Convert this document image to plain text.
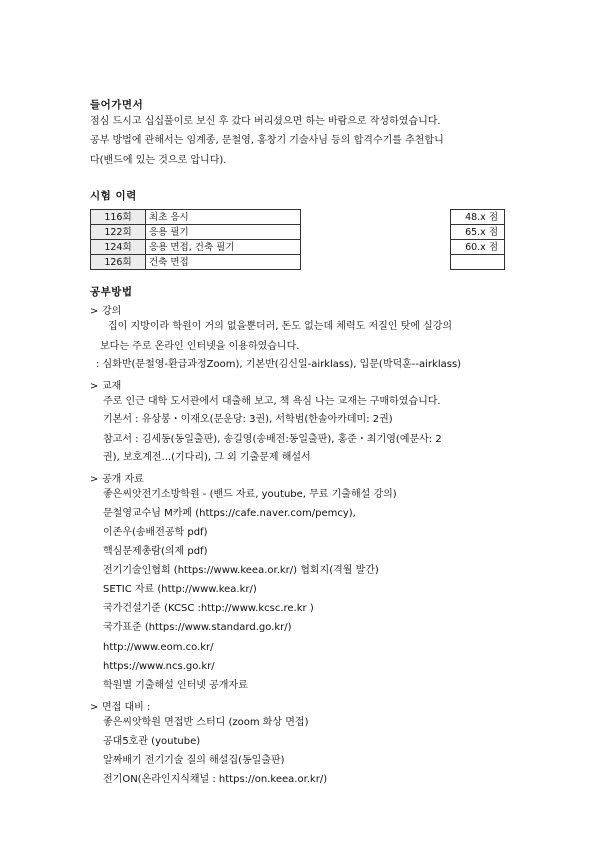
들어가면서
점심 드시고 십십풀이로 보신 후 갔다 버리셨으면 하는 바람으로 작성하였습니다.
공부 방법에 관해서는 임계종, 문철영, 홍창기 기술사님 등의 합격수기를 추천합니
다(밴드에 있는 것으로 압니다).
시험 이력
116회	최초 응시		48.x 점
122회	응용 필기		65.x 점
124회	응용 면접, 건축 필기		60.x 점
126회	건축 면접		
공부방법
> 강의
집이 지방이라 학원이 거의 없을뿐더러, 돈도 없는데 체력도 저질인 탓에 실강의
보다는 주로 온라인 인터넷을 이용하였습니다.
: 심화반(문철영-환급과정Zoom), 기본반(김신일-airklass), 입문(박덕훈--airklass)
> 교재
주로 인근 대학 도서관에서 대출해 보고, 책 욕심 나는 교재는 구매하였습니다.
기본서 : 유상봉・이재오(문운당: 3권), 서학범(한솔아카데미: 2권)
참고서 : 김세동(동일출판), 송길영(송배전:동일출판), 홍준・최기영(예문사: 2
권), 보호계전...(기다리), 그 외 기출문제 해설서
> 공개 자료
좋은씨앗전기소방학원 - (밴드 자료, youtube, 무료 기출해설 강의)
문철영교수님 M카페 (https://cafe.naver.com/pemcy),
이존우(송배전공학 pdf)
핵심문제총람(의제 pdf)
전기기술인협회 (https://www.keea.or.kr/) 협회지(격월 발간)
SETIC 자료 (http://www.kea.kr/)
국가건설기준 (KCSC :http://www.kcsc.re.kr )
국가표준 (https://www.standard.go.kr/)
http://www.eom.co.kr/
https://www.ncs.go.kr/
학원별 기출해설 인터넷 공개자료
> 면접 대비 :
좋은씨앗학원 면접반 스터디 (zoom 화상 면접)
공대5호관 (youtube)
알짜배기 전기기술 질의 해설집(동일출판)
전기ON(온라인지식채널 : https://on.keea.or.kr/)
